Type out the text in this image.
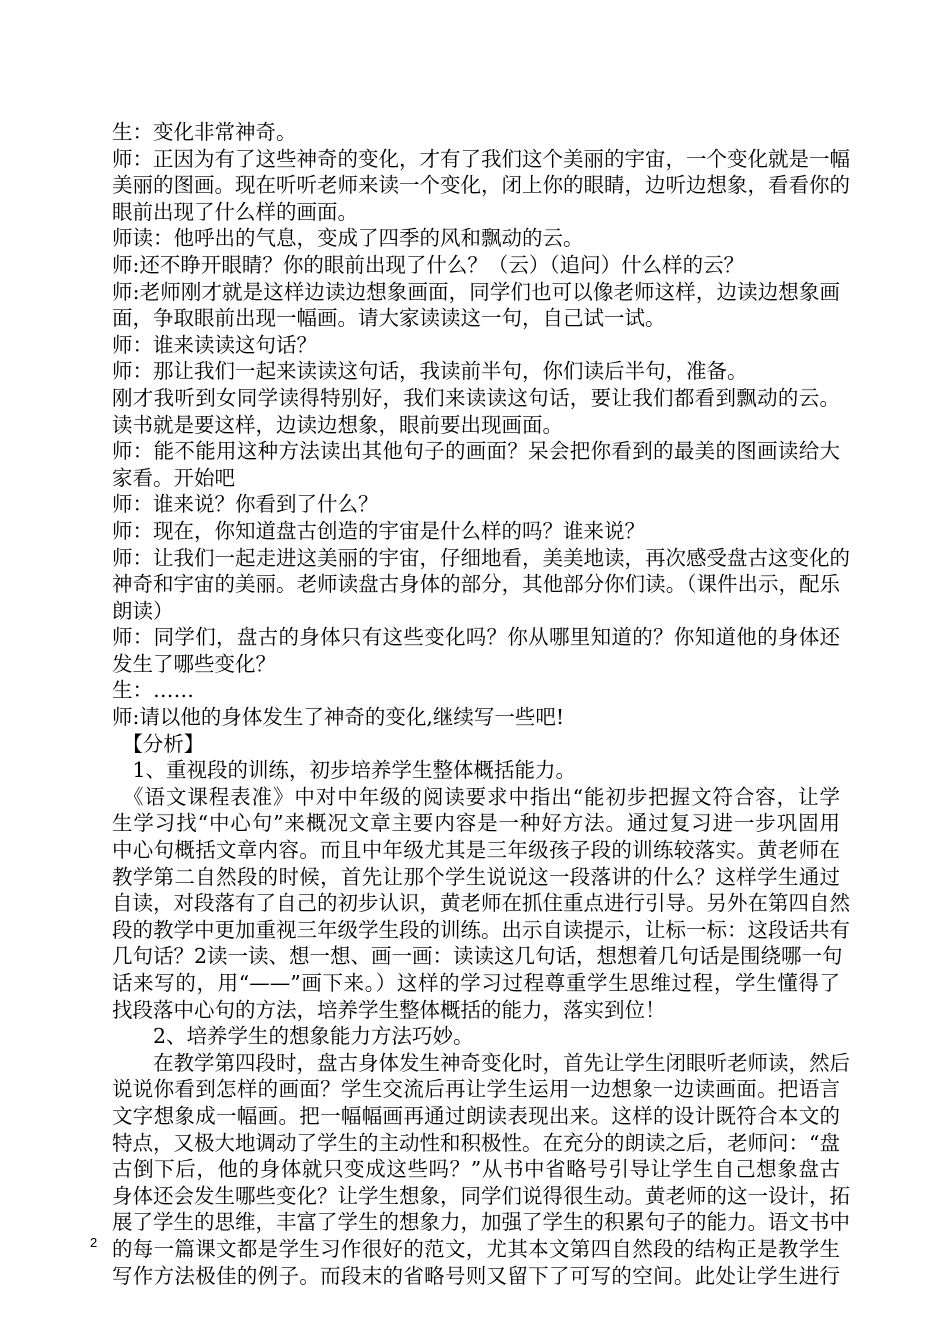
生：变化非常神奇。
师：正因为有了这些神奇的变化，才有了我们这个美丽的宇宙，一个变化就是一幅
美丽的图画。现在听听老师来读一个变化，闭上你的眼睛，边听边想象，看看你的
眼前出现了什么样的画面。
师读：他呼出的气息，变成了四季的风和飘动的云。
师:还不睁开眼睛？你的眼前出现了什么？（云）（追问）什么样的云？
师:老师刚才就是这样边读边想象画面，同学们也可以像老师这样，边读边想象画
面，争取眼前出现一幅画。请大家读读这一句，自己试一试。
师：谁来读读这句话？
师：那让我们一起来读读这句话，我读前半句，你们读后半句，准备。
刚才我听到女同学读得特别好，我们来读读这句话，要让我们都看到飘动的云。
读书就是要这样，边读边想象，眼前要出现画面。
师：能不能用这种方法读出其他句子的画面？呆会把你看到的最美的图画读给大
家看。开始吧
师：谁来说？你看到了什么？
师：现在，你知道盘古创造的宇宙是什么样的吗？谁来说？
师：让我们一起走进这美丽的宇宙，仔细地看，美美地读，再次感受盘古这变化的
神奇和宇宙的美丽。老师读盘古身体的部分，其他部分你们读。（课件出示，配乐
朗读）
师：同学们，盘古的身体只有这些变化吗？你从哪里知道的？你知道他的身体还
发生了哪些变化？
生：……
师:请以他的身体发生了神奇的变化,继续写一些吧!
　【分析】
　1、重视段的训练，初步培养学生整体概括能力。
　《语文课程表准》中对中年级的阅读要求中指出“能初步把握文符合容，让学
生学习找“中心句”来概况文章主要内容是一种好方法。通过复习进一步巩固用
中心句概括文章内容。而且中年级尤其是三年级孩子段的训练较落实。黄老师在
教学第二自然段的时候，首先让那个学生说说这一段落讲的什么？这样学生通过
自读，对段落有了自己的初步认识，黄老师在抓住重点进行引导。另外在第四自然
段的教学中更加重视三年级学生段的训练。出示自读提示，让标一标：这段话共有
几句话？2读一读、想一想、画一画：读读这几句话，想想着几句话是围绕哪一句
话来写的，用“——”画下来。）这样的学习过程尊重学生思维过程，学生懂得了
找段落中心句的方法，培养学生整体概括的能力，落实到位！
　　2、培养学生的想象能力方法巧妙。
　　在教学第四段时，盘古身体发生神奇变化时，首先让学生闭眼听老师读，然后
说说你看到怎样的画面？学生交流后再让学生运用一边想象一边读画面。把语言
文字想象成一幅画。把一幅幅画再通过朗读表现出来。这样的设计既符合本文的
特点，又极大地调动了学生的主动性和积极性。在充分的朗读之后，老师问：“盘
古倒下后，他的身体就只变成这些吗？”从书中省略号引导让学生自己想象盘古
身体还会发生哪些变化？让学生想象，同学们说得很生动。黄老师的这一设计，拓
展了学生的思维，丰富了学生的想象力，加强了学生的积累句子的能力。语文书中
的每一篇课文都是学生习作很好的范文，尤其本文第四自然段的结构正是教学生
写作方法极佳的例子。而段末的省略号则又留下了可写的空间。此处让学生进行
2
